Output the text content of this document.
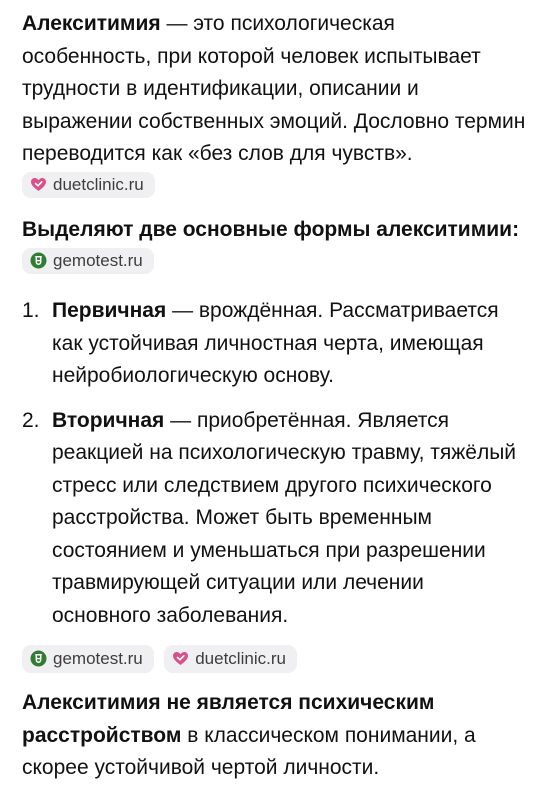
Алекситимия — это психологическая особенность, при которой человек испытывает трудности в идентификации, описании и выражении собственных эмоций. Дословно термин переводится как «без слов для чувств».
duetclinic.ru

Выделяют две основные формы алекситимии:
gemotest.ru

1. Первичная — врождённая. Рассматривается как устойчивая личностная черта, имеющая нейробиологическую основу.
2. Вторичная — приобретённая. Является реакцией на психологическую травму, тяжёлый стресс или следствием другого психического расстройства. Может быть временным состоянием и уменьшаться при разрешении травмирующей ситуации или лечении основного заболевания.
gemotest.ru	duetclinic.ru

Алекситимия не является психическим расстройством в классическом понимании, а скорее устойчивой чертой личности.
